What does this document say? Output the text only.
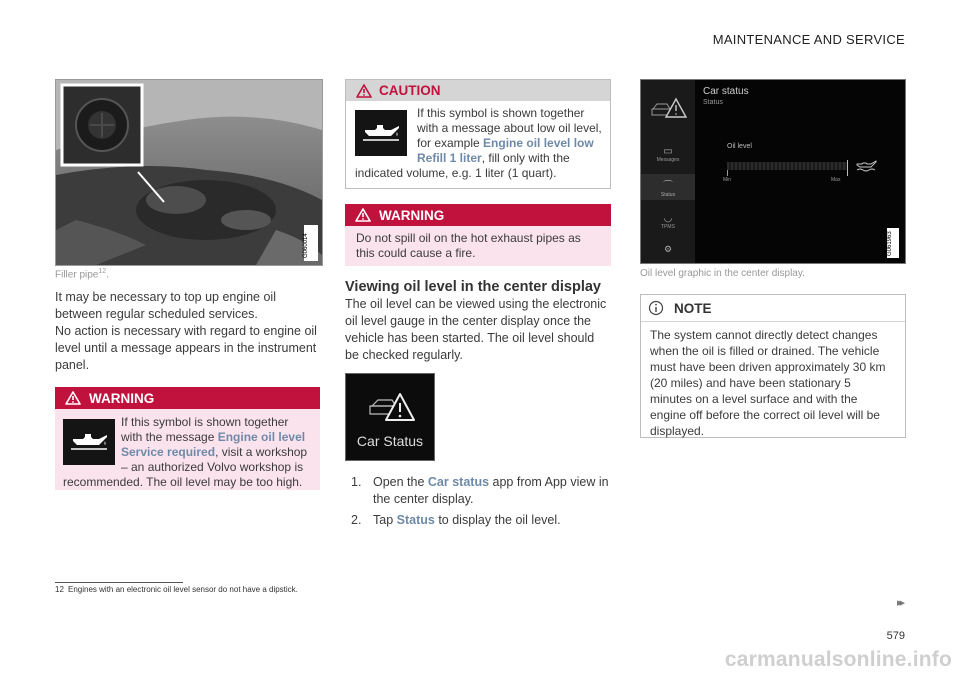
MAINTENANCE AND SERVICE
G060014
Filler pipe$^{12}$.

It may be necessary to top up engine oil between regular scheduled services.

No action is necessary with regard to engine oil level until a message appears in the instrument panel.

WARNING

If this symbol is shown together with the message Engine oil level Service required, visit a workshop – an authorized Volvo workshop is recommended. The oil level may be too high.

CAUTION

If this symbol is shown together with a message about low oil level, for example Engine oil level low Refill 1 liter, fill only with the indicated volume, e.g. 1 liter (1 quart).

WARNING

Do not spill oil on the hot exhaust pipes as this could cause a fire.

Viewing oil level in the center display

The oil level can be viewed using the electronic oil level gauge in the center display once the vehicle has been started. The oil level should be checked regularly.

Car Status
1. Open the Car status app from App view in the center display.
2. Tap Status to display the oil level.
▭
Messages
⌒
Status
◡
TPMS
⚙
Car status
Status
Oil level
Min	Max
G061963
Oil level graphic in the center display.
NOTE

The system cannot directly detect changes when the oil is filled or drained. The vehicle must have been driven approximately 30 km (20 miles) and have been stationary 5 minutes on a level surface and with the engine off before the correct oil level will be displayed.

12 Engines with an electronic oil level sensor do not have a dipstick.
▸▸
579
carmanualsonline.info
